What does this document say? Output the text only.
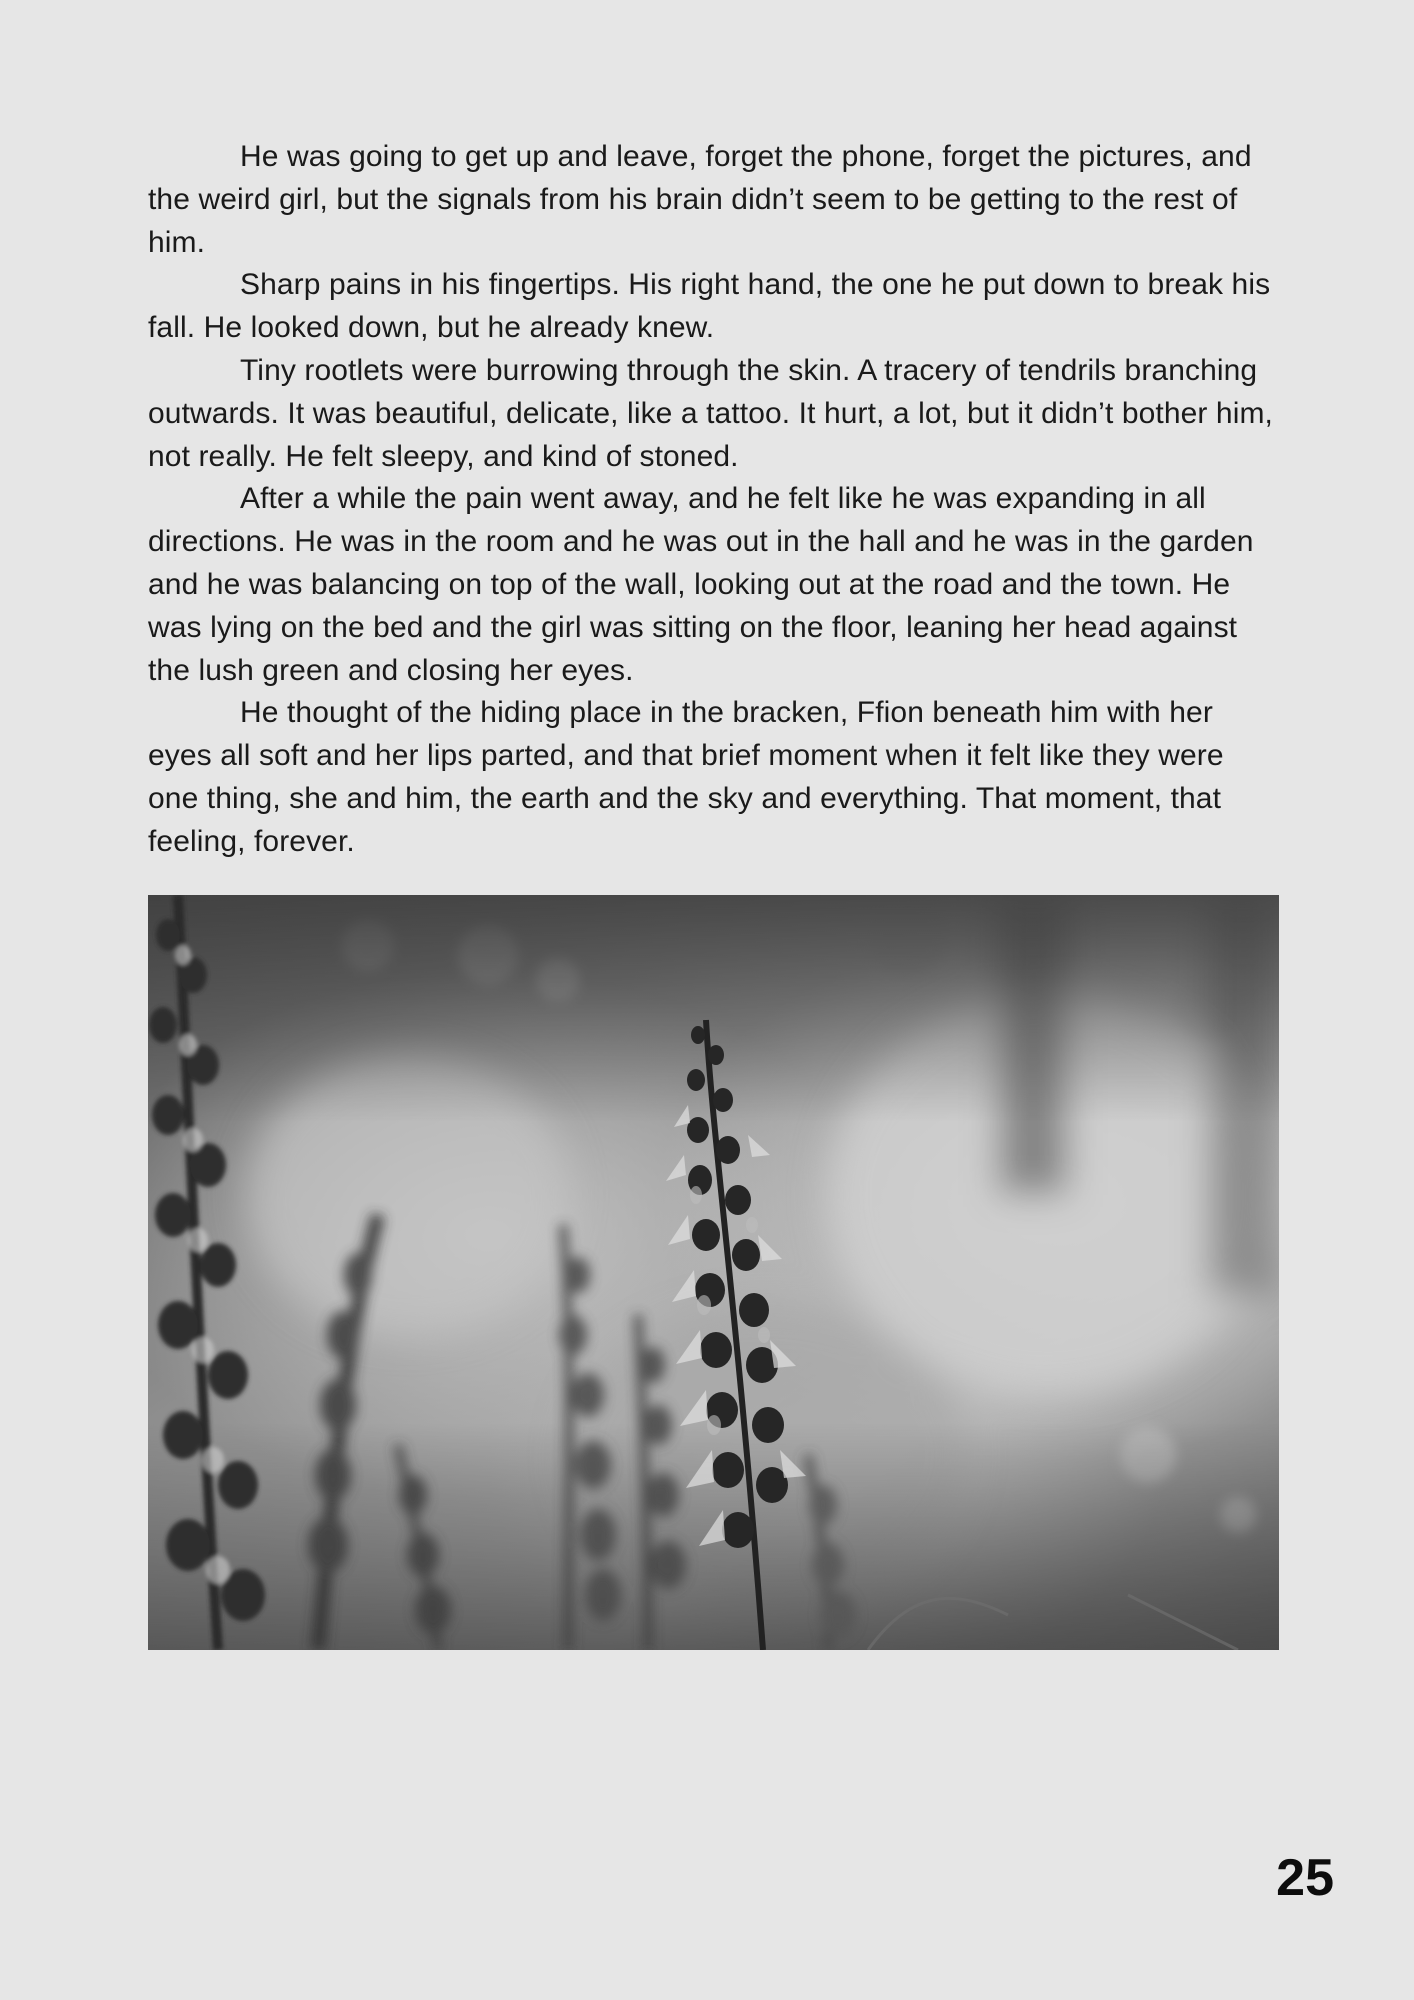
He was going to get up and leave, forget the phone, forget the pictures, and the weird girl, but the signals from his brain didn’t seem to be getting to the rest of him.

Sharp pains in his fingertips. His right hand, the one he put down to break his fall. He looked down, but he already knew.

Tiny rootlets were burrowing through the skin. A tracery of tendrils branching outwards. It was beautiful, delicate, like a tattoo. It hurt, a lot, but it didn’t bother him, not really. He felt sleepy, and kind of stoned.

After a while the pain went away, and he felt like he was expanding in all directions. He was in the room and he was out in the hall and he was in the garden and he was balancing on top of the wall, looking out at the road and the town. He was lying on the bed and the girl was sitting on the floor, leaning her head against the lush green and closing her eyes.

He thought of the hiding place in the bracken, Ffion beneath him with her eyes all soft and her lips parted, and that brief moment when it felt like they were one thing, she and him, the earth and the sky and everything. That moment, that feeling, forever.

25
